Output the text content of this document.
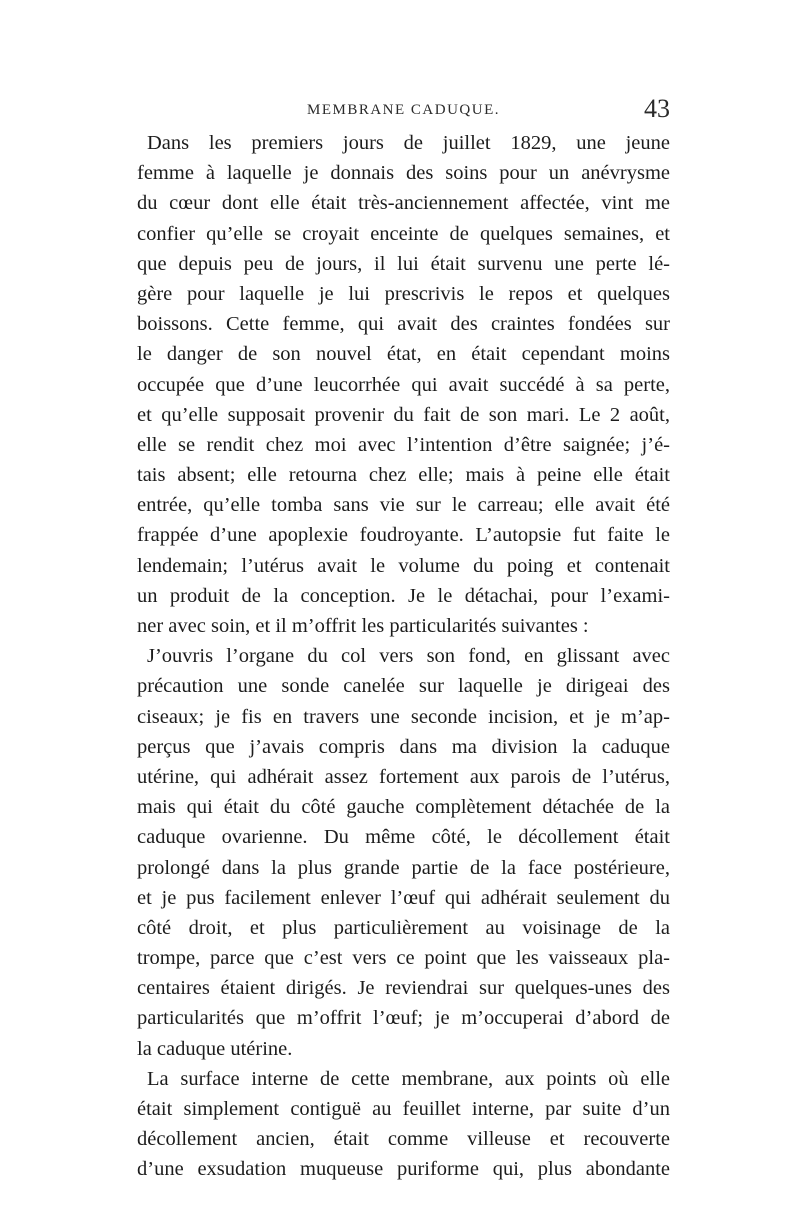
MEMBRANE CADUQUE.	43
Dans les premiers jours de juillet 1829, une jeune
femme à laquelle je donnais des soins pour un anévrysme
du cœur dont elle était très-anciennement affectée, vint me
confier qu’elle se croyait enceinte de quelques semaines, et
que depuis peu de jours, il lui était survenu une perte lé-
gère pour laquelle je lui prescrivis le repos et quelques
boissons. Cette femme, qui avait des craintes fondées sur
le danger de son nouvel état, en était cependant moins
occupée que d’une leucorrhée qui avait succédé à sa perte,
et qu’elle supposait provenir du fait de son mari. Le 2 août,
elle se rendit chez moi avec l’intention d’être saignée; j’é-
tais absent; elle retourna chez elle; mais à peine elle était
entrée, qu’elle tomba sans vie sur le carreau; elle avait été
frappée d’une apoplexie foudroyante. L’autopsie fut faite le
lendemain; l’utérus avait le volume du poing et contenait
un produit de la conception. Je le détachai, pour l’exami-
ner avec soin, et il m’offrit les particularités suivantes :
J’ouvris l’organe du col vers son fond, en glissant avec
précaution une sonde canelée sur laquelle je dirigeai des
ciseaux; je fis en travers une seconde incision, et je m’ap-
perçus que j’avais compris dans ma division la caduque
utérine, qui adhérait assez fortement aux parois de l’utérus,
mais qui était du côté gauche complètement détachée de la
caduque ovarienne. Du même côté, le décollement était
prolongé dans la plus grande partie de la face postérieure,
et je pus facilement enlever l’œuf qui adhérait seulement du
côté droit, et plus particulièrement au voisinage de la
trompe, parce que c’est vers ce point que les vaisseaux pla-
centaires étaient dirigés. Je reviendrai sur quelques-unes des
particularités que m’offrit l’œuf; je m’occuperai d’abord de
la caduque utérine.
La surface interne de cette membrane, aux points où elle
était simplement contiguë au feuillet interne, par suite d’un
décollement ancien, était comme villeuse et recouverte
d’une exsudation muqueuse puriforme qui, plus abondante
